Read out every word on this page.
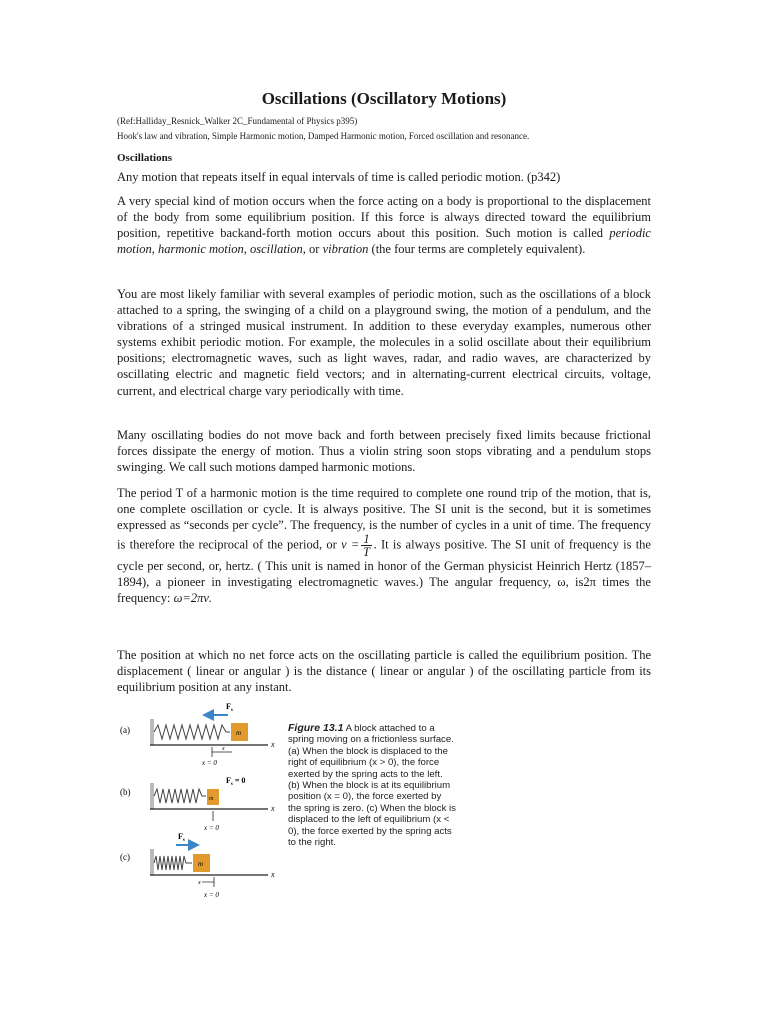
Oscillations (Oscillatory Motions)
(Ref:Halliday_Resnick_Walker 2C_Fundamental of Physics p395)
Hook's law and vibration, Simple Harmonic motion, Damped Harmonic motion, Forced oscillation and resonance.
Oscillations
Any motion that repeats itself in equal intervals of time is called periodic motion. (p342)
A very special kind of motion occurs when the force acting on a body is proportional to the displacement of the body from some equilibrium position. If this force is always directed toward the equilibrium position, repetitive backand-forth motion occurs about this position. Such motion is called periodic motion, harmonic motion, oscillation, or vibration (the four terms are completely equivalent).
You are most likely familiar with several examples of periodic motion, such as the oscillations of a block attached to a spring, the swinging of a child on a playground swing, the motion of a pendulum, and the vibrations of a stringed musical instrument. In addition to these everyday examples, numerous other systems exhibit periodic motion. For example, the molecules in a solid oscillate about their equilibrium positions; electromagnetic waves, such as light waves, radar, and radio waves, are characterized by oscillating electric and magnetic field vectors; and in alternating-current electrical circuits, voltage, current, and electrical charge vary periodically with time.
Many oscillating bodies do not move back and forth between precisely fixed limits because frictional forces dissipate the energy of motion. Thus a violin string soon stops vibrating and a pendulum stops swinging. We call such motions damped harmonic motions.
The period T of a harmonic motion is the time required to complete one round trip of the motion, that is, one complete oscillation or cycle. It is always positive. The SI unit is the second, but it is sometimes expressed as “seconds per cycle”. The frequency, is the number of cycles in a unit of time. The frequency is therefore the reciprocal of the period, or $\nu = \frac{1}{T}$ . It is always positive. The SI unit of frequency is the cycle per second, or, hertz. ( This unit is named in honor of the German physicist Heinrich Hertz (1857–1894), a pioneer in investigating electromagnetic waves.) The angular frequency, ω, is2π times the frequency: ω=2πν.
The position at which no net force acts on the oscillating particle is called the equilibrium position. The displacement ( linear or angular ) is the distance ( linear or angular ) of the oscillating particle from its equilibrium position at any instant.
(a)	m
$F_s$
x
x = 0
x
(b)
m
$F_s = 0$
x = 0
x
(c)
m
$F_s$
x
x = 0
x
Figure 13.1 A block attached to a spring moving on a frictionless surface. (a) When the block is displaced to the right of equilibrium (x > 0), the force exerted by the spring acts to the left. (b) When the block is at its equilibrium position (x = 0), the force exerted by the spring is zero. (c) When the block is displaced to the left of equilibrium (x < 0), the force exerted by the spring acts to the right.
